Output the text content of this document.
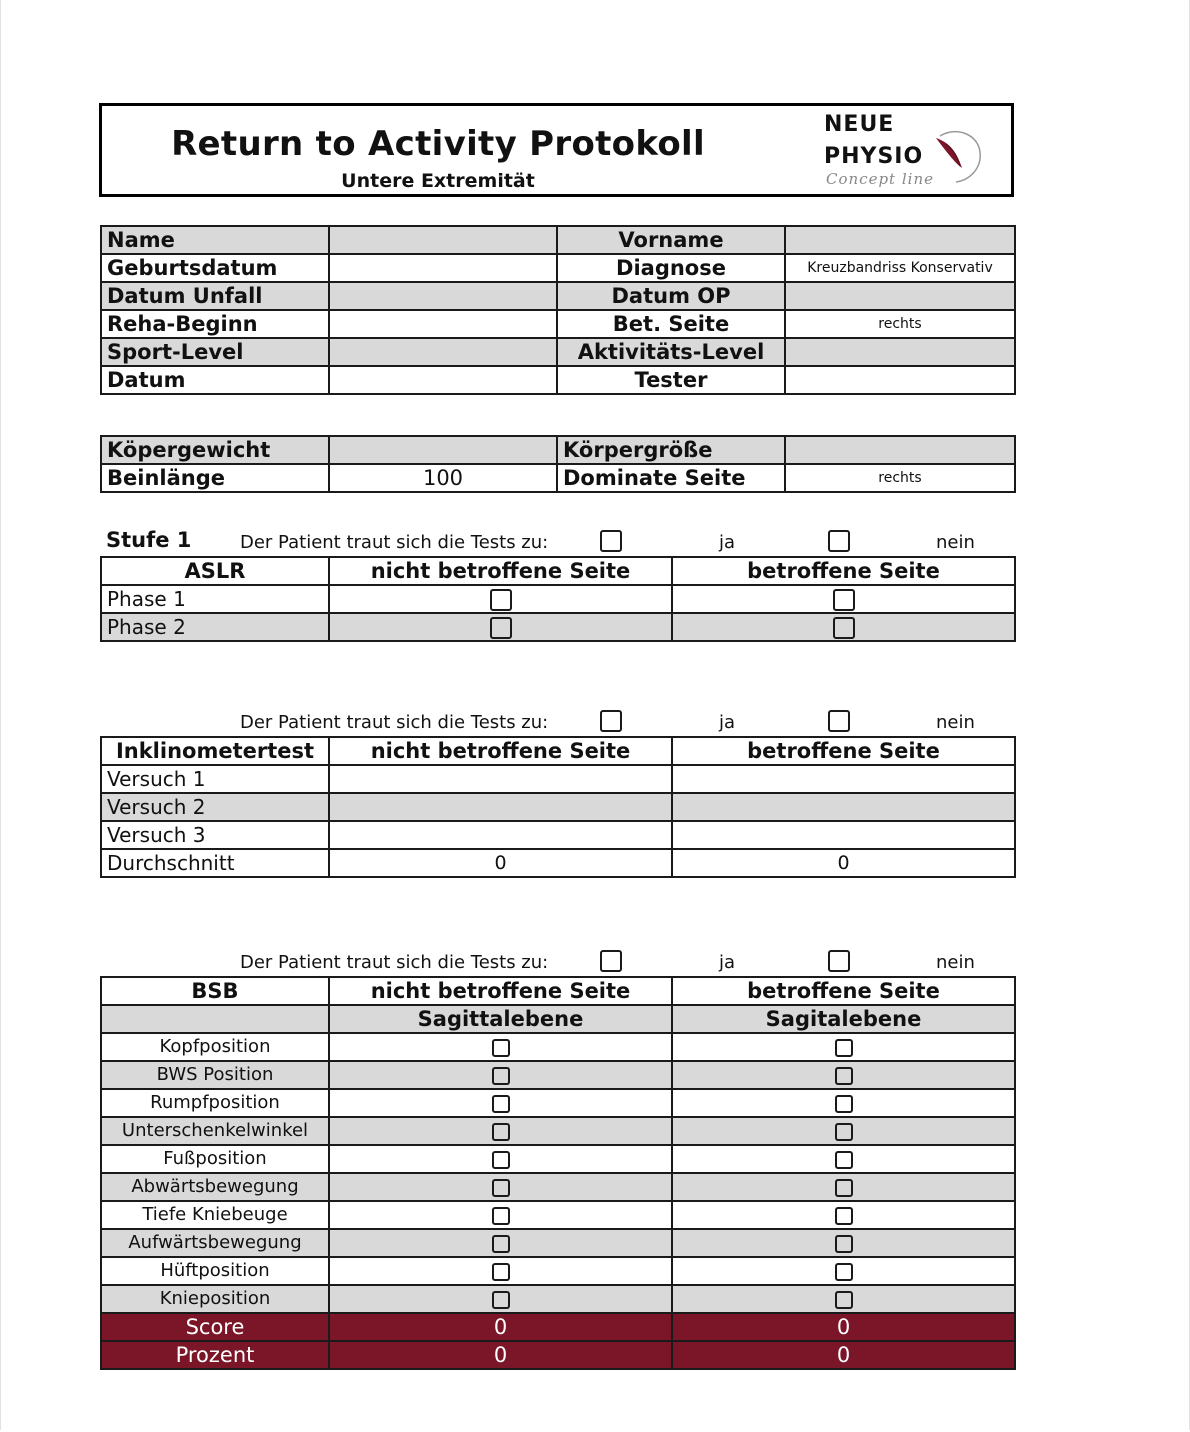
Return to Activity Protokoll
Untere Extremität
NEUE
PHYSIO
Concept line
Name		Vorname	
Geburtsdatum		Diagnose	Kreuzbandriss Konservativ
Datum Unfall		Datum OP	
Reha-Beginn		Bet. Seite	rechts
Sport-Level		Aktivitäts-Level	
Datum		Tester	
Köpergewicht		Körpergröße	
Beinlänge	100	Dominate Seite	rechts
Stufe 1	Der Patient traut sich die Tests zu:	ja	nein
ASLR	nicht betroffene Seite	betroffene Seite
Phase 1		
Phase 2		
Der Patient traut sich die Tests zu:	ja	nein
Inklinometertest	nicht betroffene Seite	betroffene Seite
Versuch 1		
Versuch 2		
Versuch 3		
Durchschnitt	0	0
Der Patient traut sich die Tests zu:	ja	nein
BSB	nicht betroffene Seite	betroffene Seite
	Sagittalebene	Sagitalebene
Kopfposition		
BWS Position		
Rumpfposition		
Unterschenkelwinkel		
Fußposition		
Abwärtsbewegung		
Tiefe Kniebeuge		
Aufwärtsbewegung		
Hüftposition		
Knieposition		
Score	0	0
Prozent	0	0
